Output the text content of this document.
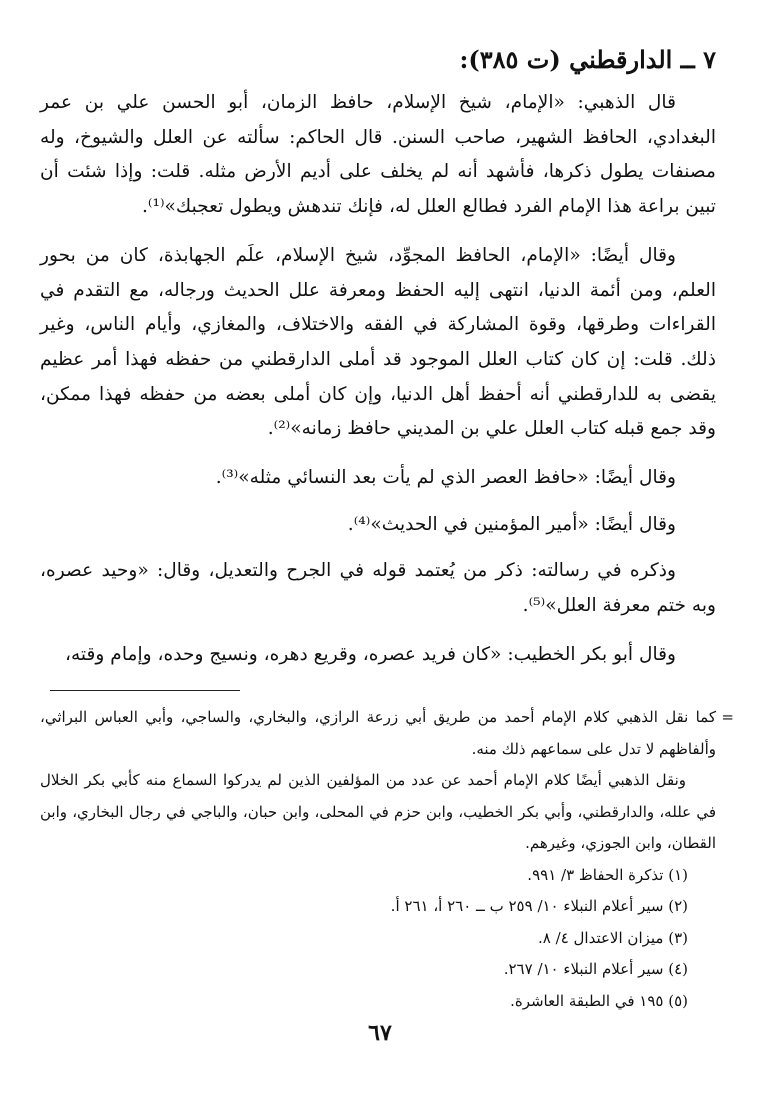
٧ ــ الدارقطني (ت ٣٨٥):

قال الذهبي: «الإمام، شيخ الإسلام، حافظ الزمان، أبو الحسن علي بن عمر البغدادي، الحافظ الشهير، صاحب السنن. قال الحاكم: سألته عن العلل والشيوخ، وله مصنفات يطول ذكرها، فأشهد أنه لم يخلف على أديم الأرض مثله. قلت: وإذا شئت أن تبين براعة هذا الإمام الفرد فطالع العلل له، فإنك تندهش ويطول تعجبك»⁽¹⁾.

وقال أيضًا: «الإمام، الحافظ المجوِّد، شيخ الإسلام، علَم الجهابذة، كان من بحور العلم، ومن أئمة الدنيا، انتهى إليه الحفظ ومعرفة علل الحديث ورجاله، مع التقدم في القراءات وطرقها، وقوة المشاركة في الفقه والاختلاف، والمغازي، وأيام الناس، وغير ذلك. قلت: إن كان كتاب العلل الموجود قد أملى الدارقطني من حفظه فهذا أمر عظيم يقضى به للدارقطني أنه أحفظ أهل الدنيا، وإن كان أملى بعضه من حفظه فهذا ممكن، وقد جمع قبله كتاب العلل علي بن المديني حافظ زمانه»⁽²⁾.

وقال أيضًا: «حافظ العصر الذي لم يأت بعد النسائي مثله»⁽³⁾.

وقال أيضًا: «أمير المؤمنين في الحديث»⁽⁴⁾.

وذكره في رسالته: ذكر من يُعتمد قوله في الجرح والتعديل، وقال: «وحيد عصره، وبه ختم معرفة العلل»⁽⁵⁾.

وقال أبو بكر الخطيب: «كان فريد عصره، وقريع دهره، ونسيج وحده، وإمام وقته،

=

كما نقل الذهبي كلام الإمام أحمد من طريق أبي زرعة الرازي، والبخاري، والساجي، وأبي العباس البراثي، وألفاظهم لا تدل على سماعهم ذلك منه.

ونقل الذهبي أيضًا كلام الإمام أحمد عن عدد من المؤلفين الذين لم يدركوا السماع منه كأبي بكر الخلال في علله، والدارقطني، وأبي بكر الخطيب، وابن حزم في المحلى، وابن حبان، والباجي في رجال البخاري، وابن القطان، وابن الجوزي، وغيرهم.

(١) تذكرة الحفاظ ٣/ ٩٩١.
(٢) سير أعلام النبلاء ١٠/ ٢٥٩ ب ــ ٢٦٠ أ، ٢٦١ أ.
(٣) ميزان الاعتدال ٤/ ٨.
(٤) سير أعلام النبلاء ١٠/ ٢٦٧.
(٥) ١٩٥ في الطبقة العاشرة.
٦٧
